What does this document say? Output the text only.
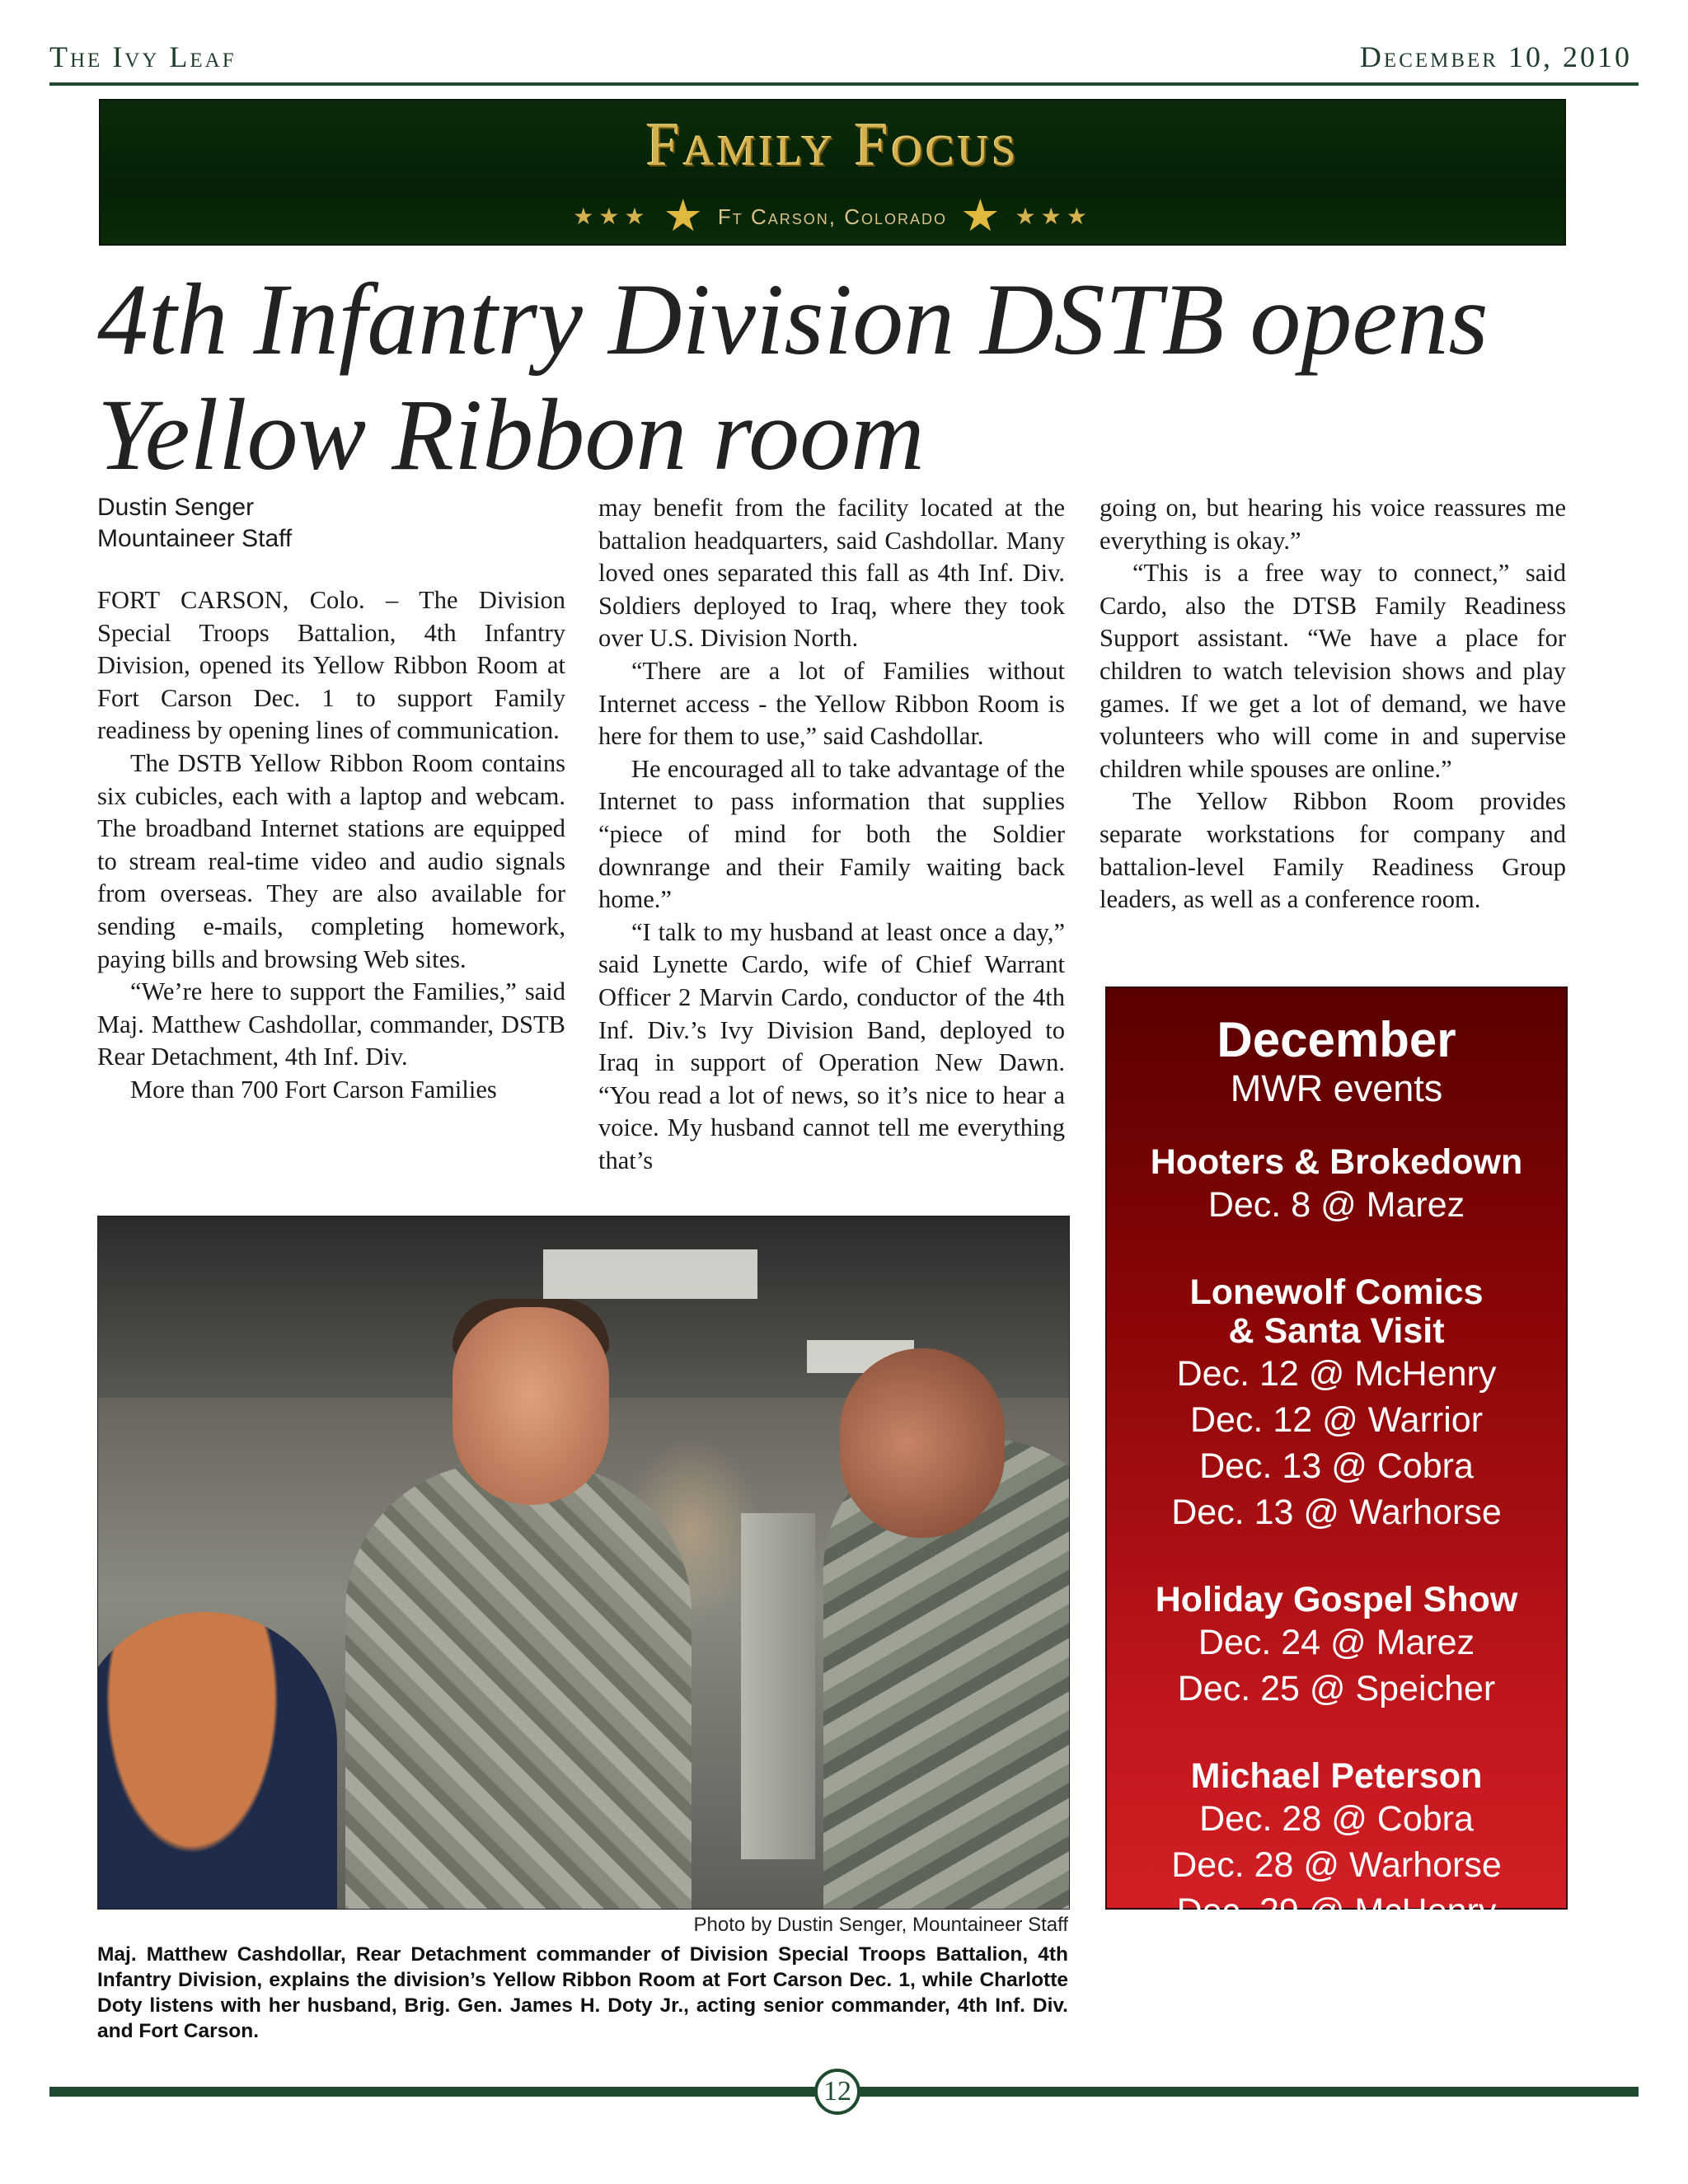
The Ivy Leaf	December 10, 2010
Family Focus
★★★ ★ Ft Carson, Colorado ★ ★★★
4th Infantry Division DSTB opens
Yellow Ribbon room
Dustin Senger
Mountaineer Staff

FORT CARSON, Colo. – The Division Special Troops Battalion, 4th Infantry Division, opened its Yellow Ribbon Room at Fort Carson Dec. 1 to support Family readiness by opening lines of communication.

The DSTB Yellow Ribbon Room contains six cubicles, each with a laptop and webcam. The broadband Internet stations are equipped to stream real-time video and audio signals from overseas. They are also available for sending e-mails, completing homework, paying bills and browsing Web sites.

“We’re here to support the Families,” said Maj. Matthew Cashdollar, commander, DSTB Rear Detachment, 4th Inf. Div.

More than 700 Fort Carson Families

may benefit from the facility located at the battalion headquarters, said Cashdollar. Many loved ones separated this fall as 4th Inf. Div. Soldiers deployed to Iraq, where they took over U.S. Division North.

“There are a lot of Families without Internet access - the Yellow Ribbon Room is here for them to use,” said Cashdollar.

He encouraged all to take advantage of the Internet to pass information that supplies “piece of mind for both the Soldier downrange and their Family waiting back home.”

“I talk to my husband at least once a day,” said Lynette Cardo, wife of Chief Warrant Officer 2 Marvin Cardo, conductor of the 4th Inf. Div.’s Ivy Division Band, deployed to Iraq in support of Operation New Dawn. “You read a lot of news, so it’s nice to hear a voice. My husband cannot tell me everything that’s

going on, but hearing his voice reassures me everything is okay.”

“This is a free way to connect,” said Cardo, also the DTSB Family Readiness Support assistant. “We have a place for children to watch television shows and play games. If we get a lot of demand, we have volunteers who will come in and supervise children while spouses are online.”

The Yellow Ribbon Room provides separate workstations for company and battalion-level Family Readiness Group leaders, as well as a conference room.

Photo by Dustin Senger, Mountaineer Staff
Maj. Matthew Cashdollar, Rear Detachment commander of Division Special Troops Battalion, 4th Infantry Division, explains the division’s Yellow Ribbon Room at Fort Carson Dec. 1, while Charlotte Doty listens with her husband, Brig. Gen. James H. Doty Jr., acting senior commander, 4th Inf. Div. and Fort Carson.
December
MWR events
Hooters & Brokedown
Dec. 8 @ Marez
Lonewolf Comics
& Santa Visit
Dec. 12 @ McHenry
Dec. 12 @ Warrior
Dec. 13 @ Cobra
Dec. 13 @ Warhorse
Holiday Gospel Show
Dec. 24 @ Marez
Dec. 25 @ Speicher
Michael Peterson
Dec. 28 @ Cobra
Dec. 28 @ Warhorse
Dec. 29 @ McHenry
Dec. 29 @ Warrior
12
